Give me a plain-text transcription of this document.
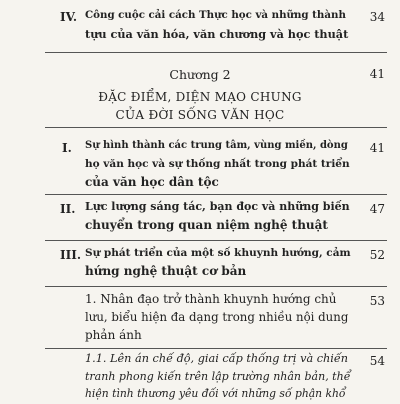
IV. Công cuộc cải cách Thực học và những thành
tựu của văn hóa, văn chương và học thuật
34
Chương 2	41
ĐẶC ĐIỂM, DIỆN MẠO CHUNG
CỦA ĐỜI SỐNG VĂN HỌC
I. Sự hình thành các trung tâm, vùng miền, dòng
họ văn học và sự thống nhất trong phát triển
của văn học dân tộc
41
II. Lực lượng sáng tác, bạn đọc và những biến
chuyển trong quan niệm nghệ thuật
47
III. Sự phát triển của một số khuynh hướng, cảm
hứng nghệ thuật cơ bản
52
1. Nhân đạo trở thành khuynh hướng chủ
lưu, biểu hiện đa dạng trong nhiều nội dung
phản ánh
53
1.1. Lên án chế độ, giai cấp thống trị và chiến
tranh phong kiến trên lập trường nhân bản, thể
hiện tình thương yêu đối với những số phận khổ
54
